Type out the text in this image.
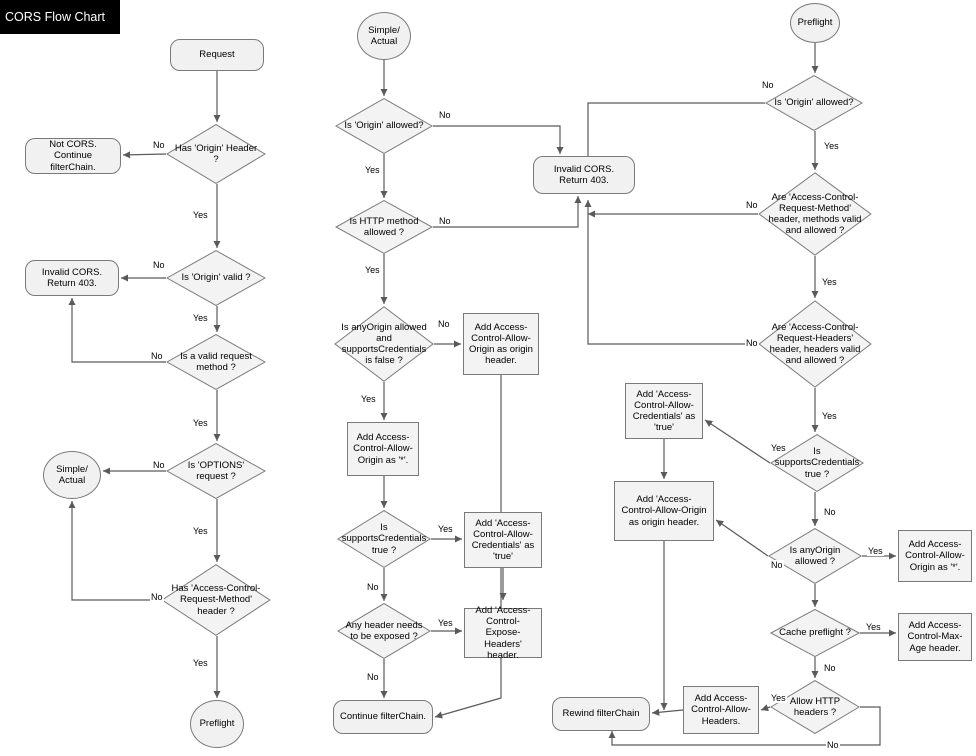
CORS Flow Chart
Request
Has 'Origin' Header ?
Not CORS. Continue filterChain.
Is 'Origin' valid ?
Invalid CORS. Return 403.
Is a valid request method ?
Is 'OPTIONS' request ?
Simple/ Actual
Has 'Access-Control-Request-Method' header ?
Preflight
Simple/ Actual
Is 'Origin' allowed?
Invalid CORS. Return 403.
Is HTTP method allowed ?
Is anyOrigin allowed and supportsCredentials is false ?
Add Access-Control-Allow-Origin as origin header.
Add Access-Control-Allow-Origin as '*'.
Is supportsCredentials true ?
Add 'Access-Control-Allow-Credentials' as 'true'
Any header needs to be exposed ?
Add 'Access-Control-Expose-Headers' header.
Continue filterChain.
Preflight
Is 'Origin' allowed?
Are 'Access-Control-Request-Method' header, methods valid and allowed ?
Are 'Access-Control-Request-Headers' header, headers valid and allowed ?
Is supportsCredentials true ?
Add 'Access-Control-Allow-Credentials' as 'true'
Add 'Access-Control-Allow-Origin as origin header.
Is anyOrigin allowed ?
Add Access-Control-Allow-Origin as '*'.
Cache preflight ?
Add Access-Control-Max-Age header.
Allow HTTP headers ?
Add Access-Control-Allow-Headers.
Rewind filterChain
No
Yes
No
Yes
No
Yes
No
Yes
No
Yes
No
Yes
No
Yes
No
Yes
Yes
No
Yes
No
No
Yes
No
Yes
No
Yes
Yes
No
No
Yes
Yes
No
Yes
No
